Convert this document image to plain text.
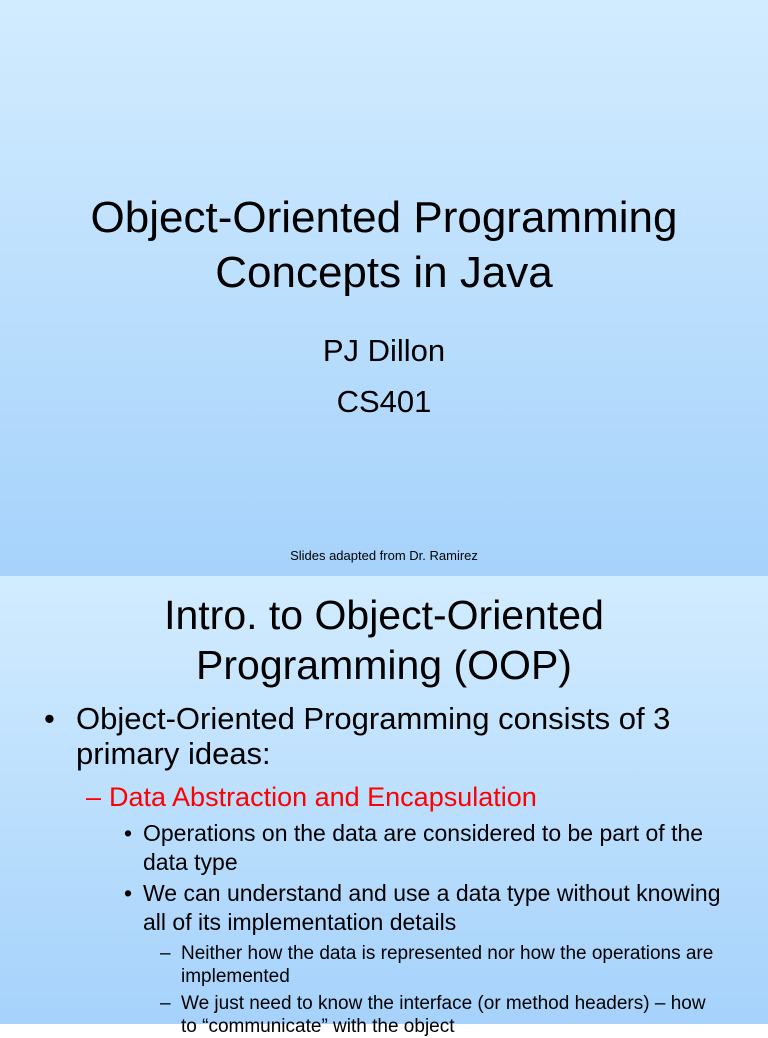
Object-Oriented Programming
Concepts in Java
PJ Dillon
CS401
Slides adapted from Dr. Ramirez
Intro. to Object-Oriented
Programming (OOP)
• Object-Oriented Programming consists of 3 primary ideas:
– Data Abstraction and Encapsulation
• Operations on the data are considered to be part of the data type
• We can understand and use a data type without knowing all of its implementation details
– Neither how the data is represented nor how the operations are implemented
– We just need to know the interface (or method headers) – how to “communicate” with the object
